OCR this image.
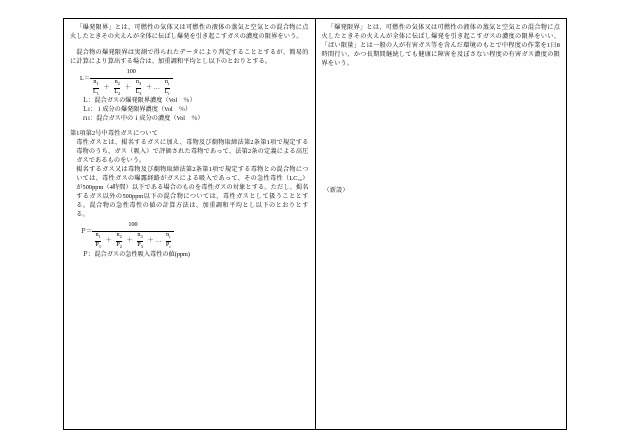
「爆発限界」とは、可燃性の気体又は可燃性の液体の蒸気と空気との混合物に点火したときその火えんが全体に伝ぱし爆発を引き起こすガスの濃度の限界をいう。

混合物の爆発限界は実測で得られたデータにより判定することとするが、簡易的に計算により算出する場合は、加重調和平均とし以下のとおりとする。

L＝
100
$\frac{n_1}{L_1} + \frac{n_2}{L_2} + \frac{n_3}{L_3}$ ＋ … $\frac{n_i}{L_i}$
Ｌ：混合ガスの爆発限界濃度（Vol　％）
Ｌi：ｉ成分の爆発限界濃度（Vol　％）
ｎi：混合ガス中のｉ成分の濃度（Vol　％）

第1項第2号中毒性ガスについて

毒性ガスとは、掲名するガスに加え、毒物及び劇物取締法第2条第1項で規定する毒物のうち、ガス（吸入）で評価された毒物であって、法第2条の定義による高圧ガスであるものをいう。

掲名するガス又は毒物及び劇物取締法第2条第1項で規定する毒物との混合物については、毒性ガスの曝露経路がガスによる吸入であって、その急性毒性（LC₅₀）が500ppm（4時間）以下である場合のものを毒性ガスの対象とする。ただし、掲名するガス以外の500ppm以下の混合物については、毒性ガスとして扱うこととする。混合物の急性毒性の値の計算方法は、加重調和平均とし以下のとおりとする。

Ｐ＝
100
$\frac{n_1}{P_1} + \frac{n_2}{P_2} + \frac{n_3}{P_3}$ ＋ … $\frac{n_i}{P_i}$
Ｐ：混合ガスの急性吸入毒性の値(ppm)

「爆発限界」とは、可燃性の気体又は可燃性の液体の蒸気と空気との混合物に点火したときその火えんが全体に伝ぱし爆発を引き起こすガスの濃度の限界をいい、「ばい限量」とは一般の人が有害ガス等を含んだ環境のもとで中程度の作業を1日8時間行い、かつ長期間継続しても健康に障害を及ぼさない程度の有害ガス濃度の限界をいう。

（新設）
